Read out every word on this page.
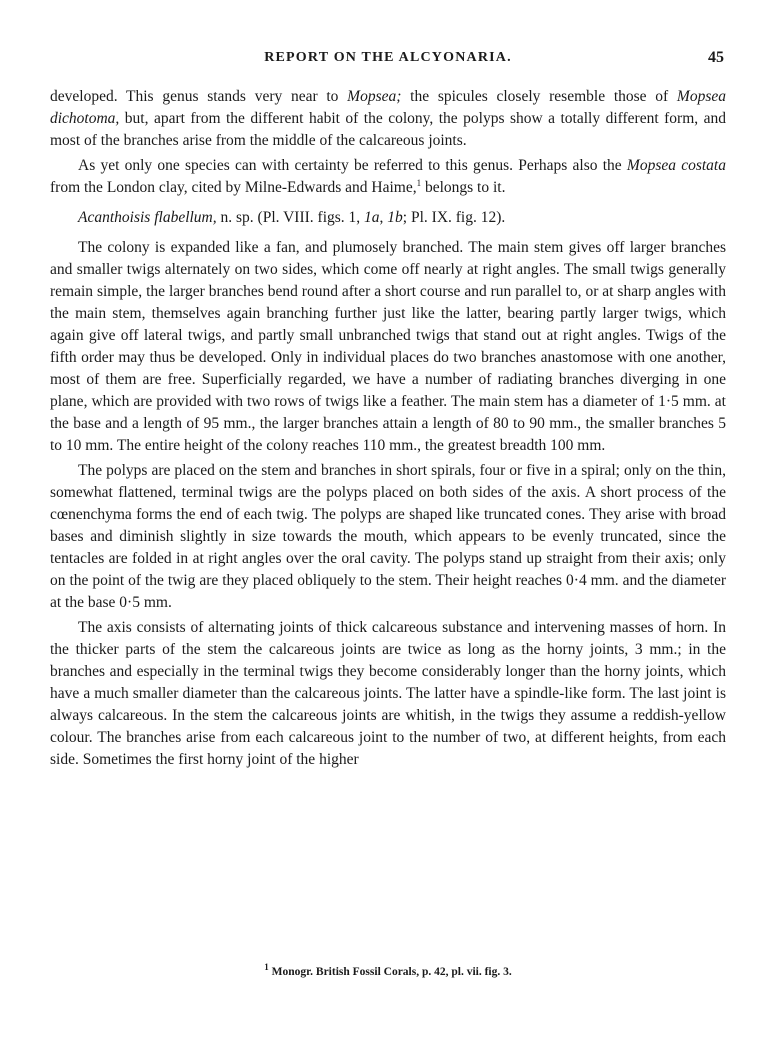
REPORT ON THE ALCYONARIA.	45

developed. This genus stands very near to Mopsea; the spicules closely resemble those of Mopsea dichotoma, but, apart from the different habit of the colony, the polyps show a totally different form, and most of the branches arise from the middle of the calcareous joints.

As yet only one species can with certainty be referred to this genus. Perhaps also the Mopsea costata from the London clay, cited by Milne-Edwards and Haime,$^1$ belongs to it.

Acanthoisis flabellum, n. sp. (Pl. VIII. figs. 1, 1a, 1b; Pl. IX. fig. 12).

The colony is expanded like a fan, and plumosely branched. The main stem gives off larger branches and smaller twigs alternately on two sides, which come off nearly at right angles. The small twigs generally remain simple, the larger branches bend round after a short course and run parallel to, or at sharp angles with the main stem, themselves again branching further just like the latter, bearing partly larger twigs, which again give off lateral twigs, and partly small unbranched twigs that stand out at right angles. Twigs of the fifth order may thus be developed. Only in individual places do two branches anastomose with one another, most of them are free. Superficially regarded, we have a number of radiating branches diverging in one plane, which are provided with two rows of twigs like a feather. The main stem has a diameter of 1·5 mm. at the base and a length of 95 mm., the larger branches attain a length of 80 to 90 mm., the smaller branches 5 to 10 mm. The entire height of the colony reaches 110 mm., the greatest breadth 100 mm.

The polyps are placed on the stem and branches in short spirals, four or five in a spiral; only on the thin, somewhat flattened, terminal twigs are the polyps placed on both sides of the axis. A short process of the cœnenchyma forms the end of each twig. The polyps are shaped like truncated cones. They arise with broad bases and diminish slightly in size towards the mouth, which appears to be evenly truncated, since the tentacles are folded in at right angles over the oral cavity. The polyps stand up straight from their axis; only on the point of the twig are they placed obliquely to the stem. Their height reaches 0·4 mm. and the diameter at the base 0·5 mm.

The axis consists of alternating joints of thick calcareous substance and intervening masses of horn. In the thicker parts of the stem the calcareous joints are twice as long as the horny joints, 3 mm.; in the branches and especially in the terminal twigs they become considerably longer than the horny joints, which have a much smaller diameter than the calcareous joints. The latter have a spindle-like form. The last joint is always calcareous. In the stem the calcareous joints are whitish, in the twigs they assume a reddish-yellow colour. The branches arise from each calcareous joint to the number of two, at different heights, from each side. Sometimes the first horny joint of the higher

$^1$ Monogr. British Fossil Corals, p. 42, pl. vii. fig. 3.
